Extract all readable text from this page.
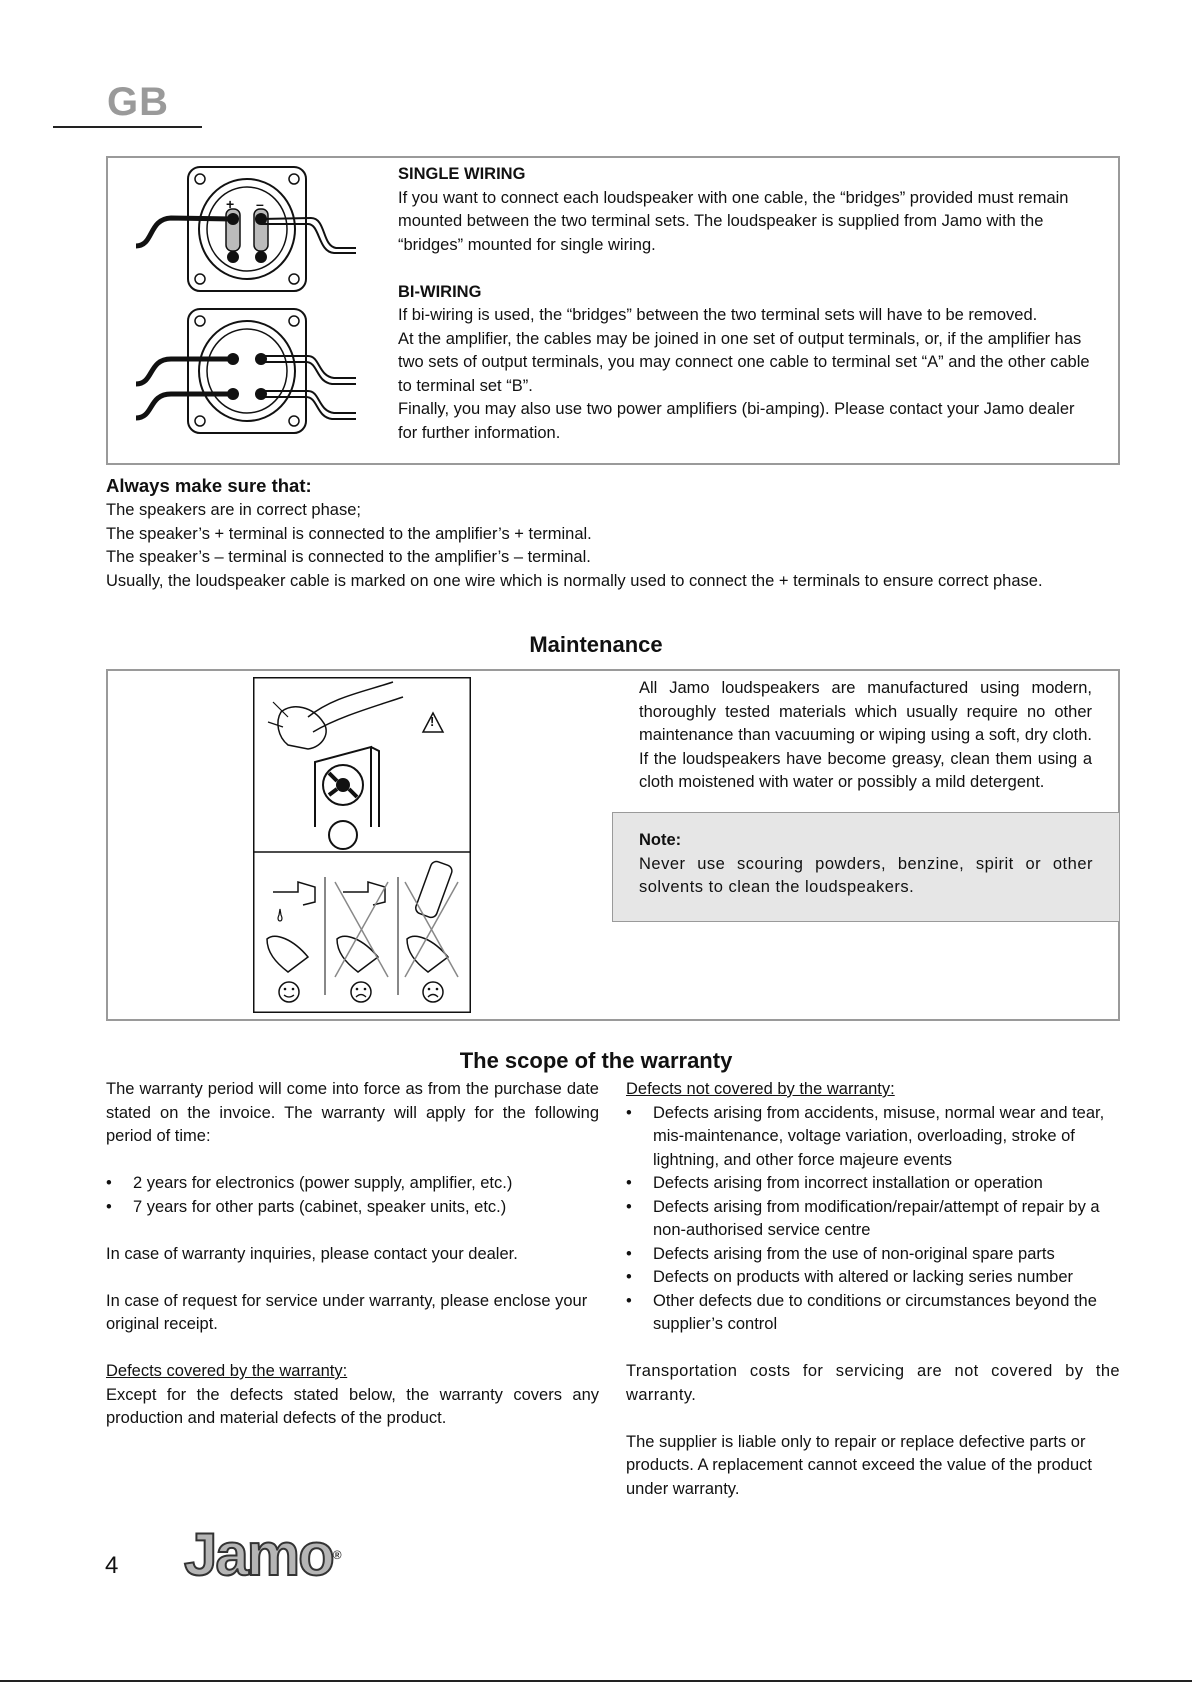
GB
+ –
SINGLE WIRING
If you want to connect each loudspeaker with one cable, the “bridges” provided must remain mounted between the two terminal sets. The loudspeaker is supplied from Jamo with the “bridges” mounted for single wiring.
BI-WIRING
If bi-wiring is used, the “bridges” between the two terminal sets will have to be removed.
At the amplifier, the cables may be joined in one set of output terminals, or, if the amplifier has two sets of output terminals, you may connect one cable to terminal set “A” and the other cable to terminal set “B”.
Finally, you may also use two power amplifiers (bi-amping). Please contact your Jamo dealer for further information.
Always make sure that:
The speakers are in correct phase;
The speaker’s + terminal is connected to the amplifier’s + terminal.
The speaker’s – terminal is connected to the amplifier’s – terminal.
Usually, the loudspeaker cable is marked on one wire which is normally used to connect the + terminals to ensure correct phase.
Maintenance
!
All Jamo loudspeakers are manufactured using modern, thoroughly tested materials which usually require no other maintenance than vacuuming or wiping using a soft, dry cloth. If the loudspeakers have become greasy, clean them using a cloth moistened with water or possibly a mild detergent.
Note:
Never use scouring powders, benzine, spirit or other solvents to clean the loudspeakers.
The scope of the warranty
The warranty period will come into force as from the purchase date stated on the invoice. The warranty will apply for the following period of time:
• 2 years for electronics (power supply, amplifier, etc.)
• 7 years for other parts (cabinet, speaker units, etc.)
In case of warranty inquiries, please contact your dealer.
In case of request for service under warranty, please enclose your original receipt.
Defects covered by the warranty:
Except for the defects stated below, the warranty covers any production and material defects of the product.
Defects not covered by the warranty:
• Defects arising from accidents, misuse, normal wear and tear, mis-maintenance, voltage variation, overloading, stroke of lightning, and other force majeure events
• Defects arising from incorrect installation or operation
• Defects arising from modification/repair/attempt of repair by a non-authorised service centre
• Defects arising from the use of non-original spare parts
• Defects on products with altered or lacking series number
• Other defects due to conditions or circumstances beyond the supplier’s control
Transportation costs for servicing are not covered by the warranty.
The supplier is liable only to repair or replace defective parts or products. A replacement cannot exceed the value of the product under warranty.
4 Jamo®
